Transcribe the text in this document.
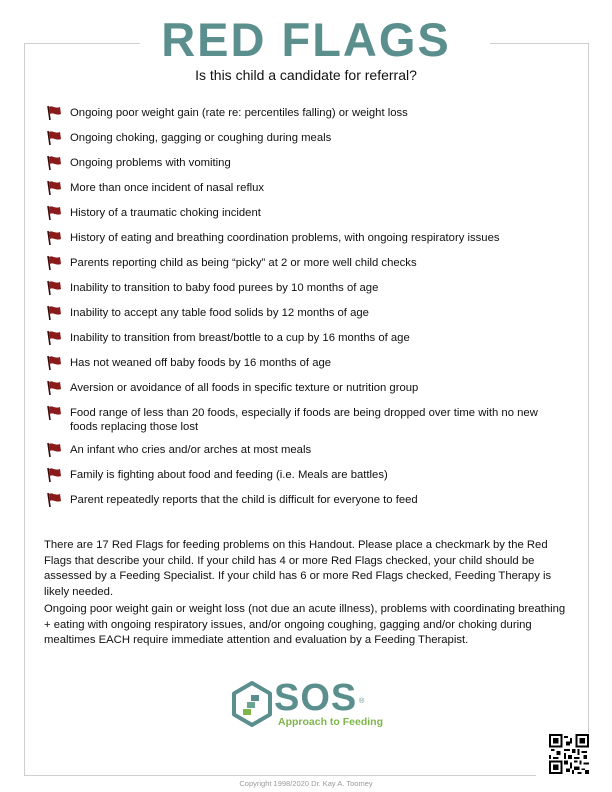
RED FLAGS
Is this child a candidate for referral?
Ongoing poor weight gain (rate re: percentiles falling) or weight loss
Ongoing choking, gagging or coughing during meals
Ongoing problems with vomiting
More than once incident of nasal reflux
History of a traumatic choking incident
History of eating and breathing coordination problems, with ongoing respiratory issues
Parents reporting child as being “picky” at 2 or more well child checks
Inability to transition to baby food purees by 10 months of age
Inability to accept any table food solids by 12 months of age
Inability to transition from breast/bottle to a cup by 16 months of age
Has not weaned off baby foods by 16 months of age
Aversion or avoidance of all foods in specific texture or nutrition group
Food range of less than 20 foods, especially if foods are being dropped over time with no new foods replacing those lost
An infant who cries and/or arches at most meals
Family is fighting about food and feeding (i.e. Meals are battles)
Parent repeatedly reports that the child is difficult for everyone to feed

There are 17 Red Flags for feeding problems on this Handout. Please place a checkmark by the Red Flags that describe your child. If your child has 4 or more Red Flags checked, your child should be assessed by a Feeding Specialist. If your child has 6 or more Red Flags checked, Feeding Therapy is likely needed.

Ongoing poor weight gain or weight loss (not due an acute illness), problems with coordinating breathing + eating with ongoing respiratory issues, and/or ongoing coughing, gagging and/or choking during mealtimes EACH require immediate attention and evaluation by a Feeding Therapist.

SOS ®
Approach to Feeding
Copyright 1998/2020 Dr. Kay A. Toomey
